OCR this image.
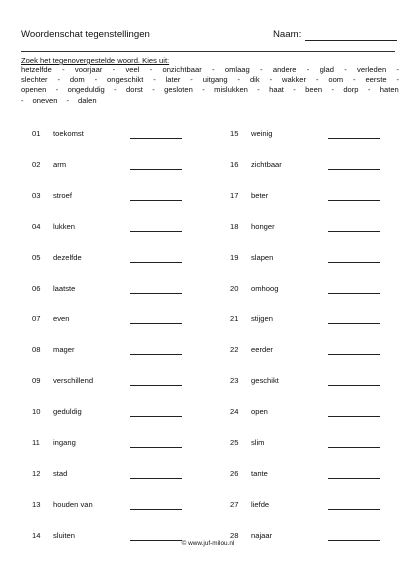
Woordenschat tegenstellingen	Naam:
Zoek het tegenovergestelde woord. Kies uit:
hetzelfde - voorjaar - veel - onzichtbaar - omlaag - andere - glad - verleden -
slechter - dom - ongeschikt - later - uitgang - dik - wakker - oom - eerste -
openen - ongeduldig - dorst - gesloten - mislukken - haat - been - dorp - haten
- oneven - dalen
01 toekomst
02 arm
03 stroef
04 lukken
05 dezelfde
06 laatste
07 even
08 mager
09 verschillend
10 geduldig
11 ingang
12 stad
13 houden van
14 sluiten
15 weinig
16 zichtbaar
17 beter
18 honger
19 slapen
20 omhoog
21 stijgen
22 eerder
23 geschikt
24 open
25 slim
26 tante
27 liefde
28 najaar
© www.juf-milou.nl
